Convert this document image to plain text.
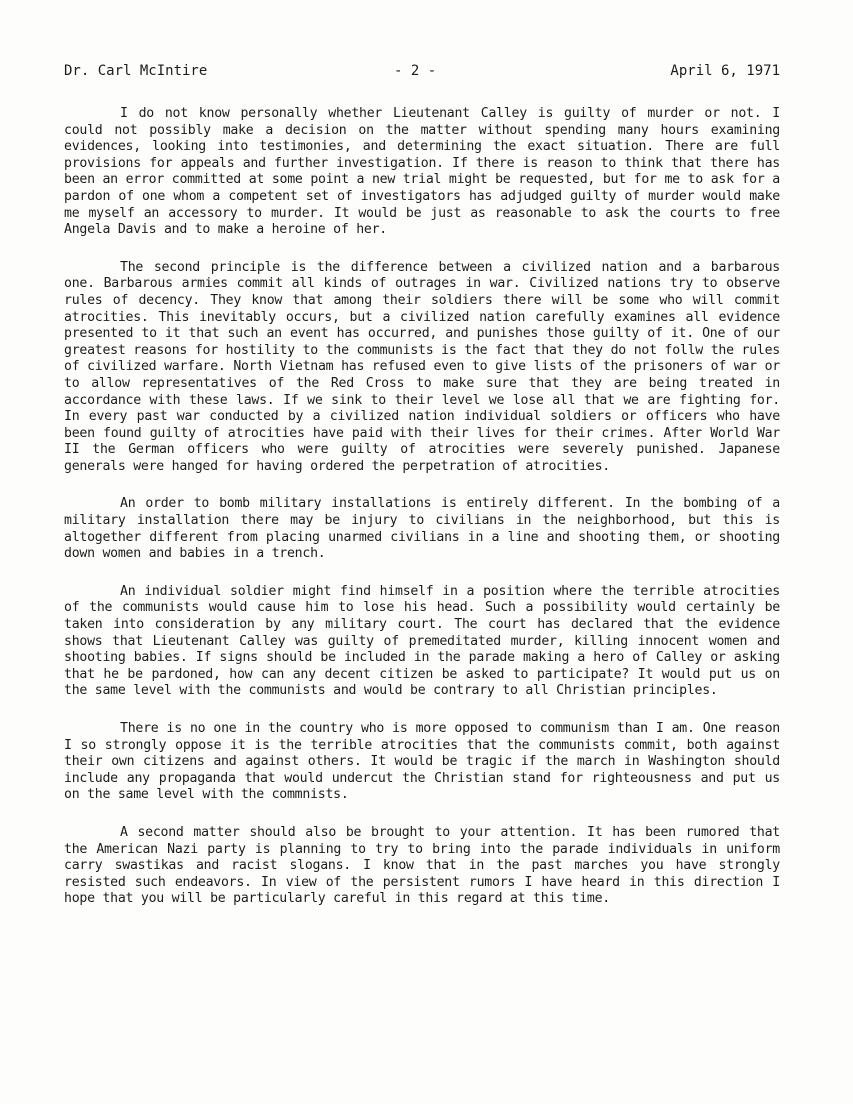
Dr. Carl McIntire	- 2 -	April 6, 1971

I do not know personally whether Lieutenant Calley is guilty of murder or not. I could not possibly make a decision on the matter without spending many hours examining evidences, looking into testimonies, and determining the exact situation. There are full provisions for appeals and further investigation. If there is reason to think that there has been an error committed at some point a new trial might be requested, but for me to ask for a pardon of one whom a competent set of investigators has adjudged guilty of murder would make me myself an accessory to murder. It would be just as reasonable to ask the courts to free Angela Davis and to make a heroine of her.

The second principle is the difference between a civilized nation and a barbarous one. Barbarous armies commit all kinds of outrages in war. Civilized nations try to observe rules of decency. They know that among their soldiers there will be some who will commit atrocities. This inevitably occurs, but a civilized nation carefully examines all evidence presented to it that such an event has occurred, and punishes those guilty of it. One of our greatest reasons for hostility to the communists is the fact that they do not follw the rules of civilized warfare. North Vietnam has refused even to give lists of the prisoners of war or to allow representatives of the Red Cross to make sure that they are being treated in accordance with these laws. If we sink to their level we lose all that we are fighting for. In every past war conducted by a civilized nation individual soldiers or officers who have been found guilty of atrocities have paid with their lives for their crimes. After World War II the German officers who were guilty of atrocities were severely punished. Japanese generals were hanged for having ordered the perpetration of atrocities.

An order to bomb military installations is entirely different. In the bombing of a military installation there may be injury to civilians in the neighborhood, but this is altogether different from placing unarmed civilians in a line and shooting them, or shooting down women and babies in a trench.

An individual soldier might find himself in a position where the terrible atrocities of the communists would cause him to lose his head. Such a possibility would certainly be taken into consideration by any military court. The court has declared that the evidence shows that Lieutenant Calley was guilty of premeditated murder, killing innocent women and shooting babies. If signs should be included in the parade making a hero of Calley or asking that he be pardoned, how can any decent citizen be asked to participate? It would put us on the same level with the communists and would be contrary to all Christian principles.

There is no one in the country who is more opposed to communism than I am. One reason I so strongly oppose it is the terrible atrocities that the communists commit, both against their own citizens and against others. It would be tragic if the march in Washington should include any propaganda that would undercut the Christian stand for righteousness and put us on the same level with the commnists.

A second matter should also be brought to your attention. It has been rumored that the American Nazi party is planning to try to bring into the parade individuals in uniform carry swastikas and racist slogans. I know that in the past marches you have strongly resisted such endeavors. In view of the persistent rumors I have heard in this direction I hope that you will be particularly careful in this regard at this time.
